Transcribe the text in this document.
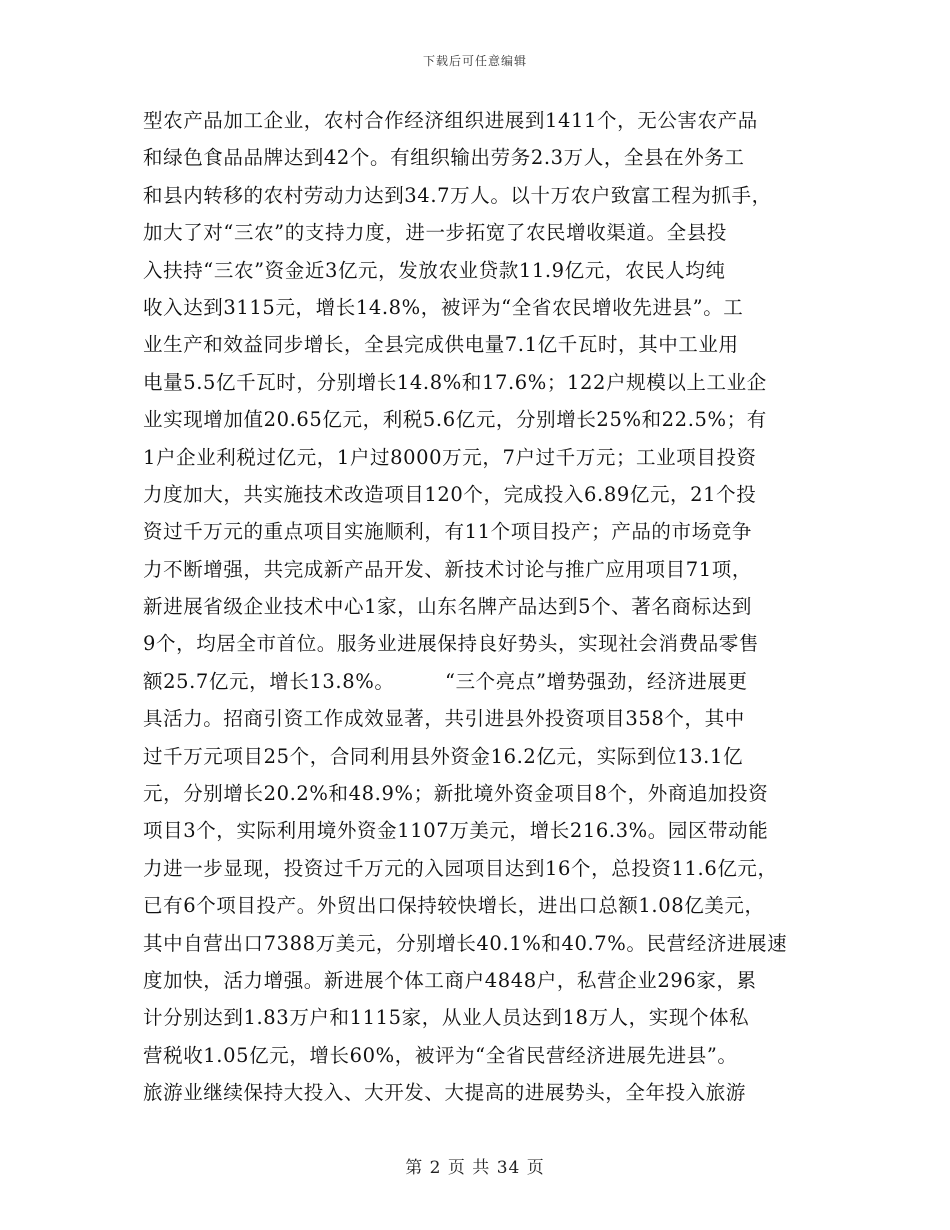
下载后可任意编辑
型农产品加工企业，农村合作经济组织进展到1411个，无公害农产品
和绿色食品品牌达到42个。有组织输出劳务2.3万人，全县在外务工
和县内转移的农村劳动力达到34.7万人。以十万农户致富工程为抓手，
加大了对“三农”的支持力度，进一步拓宽了农民增收渠道。全县投
入扶持“三农”资金近3亿元，发放农业贷款11.9亿元，农民人均纯
收入达到3115元，增长14.8%，被评为“全省农民增收先进县”。工
业生产和效益同步增长，全县完成供电量7.1亿千瓦时，其中工业用
电量5.5亿千瓦时，分别增长14.8%和17.6%；122户规模以上工业企
业实现增加值20.65亿元，利税5.6亿元，分别增长25%和22.5%；有
1户企业利税过亿元，1户过8000万元，7户过千万元；工业项目投资
力度加大，共实施技术改造项目120个，完成投入6.89亿元，21个投
资过千万元的重点项目实施顺利，有11个项目投产；产品的市场竞争
力不断增强，共完成新产品开发、新技术讨论与推广应用项目71项，
新进展省级企业技术中心1家，山东名牌产品达到5个、著名商标达到
9个，均居全市首位。服务业进展保持良好势头，实现社会消费品零售
额25.7亿元，增长13.8%。　　　“三个亮点”增势强劲，经济进展更
具活力。招商引资工作成效显著，共引进县外投资项目358个，其中
过千万元项目25个，合同利用县外资金16.2亿元，实际到位13.1亿
元，分别增长20.2%和48.9%；新批境外资金项目8个，外商追加投资
项目3个，实际利用境外资金1107万美元，增长216.3%。园区带动能
力进一步显现，投资过千万元的入园项目达到16个，总投资11.6亿元，
已有6个项目投产。外贸出口保持较快增长，进出口总额1.08亿美元，
其中自营出口7388万美元，分别增长40.1%和40.7%。民营经济进展速
度加快，活力增强。新进展个体工商户4848户，私营企业296家，累
计分别达到1.83万户和1115家，从业人员达到18万人，实现个体私
营税收1.05亿元，增长60%，被评为“全省民营经济进展先进县”。
旅游业继续保持大投入、大开发、大提高的进展势头，全年投入旅游
第 2 页 共 34 页
